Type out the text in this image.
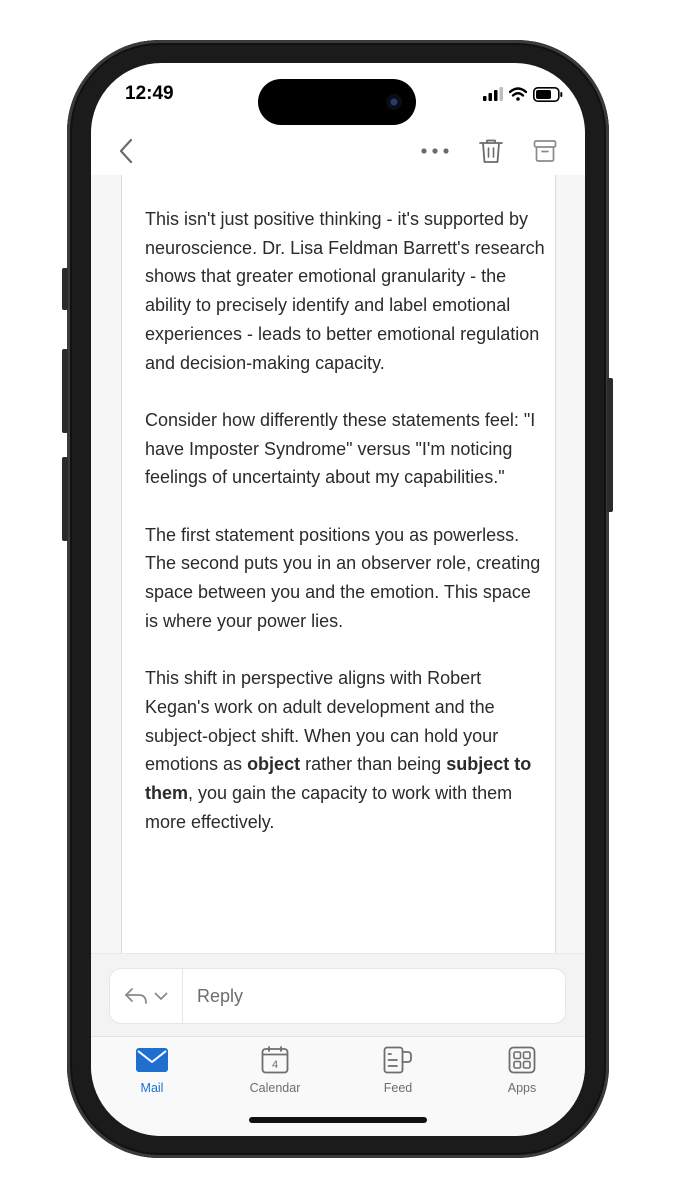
12:49

This isn't just positive thinking - it's supported by neuroscience. Dr. Lisa Feldman Barrett's research shows that greater emotional granularity - the ability to precisely identify and label emotional experiences - leads to better emotional regulation and decision-making capacity.

Consider how differently these statements feel: "I have Imposter Syndrome" versus "I'm noticing feelings of uncertainty about my capabilities."

The first statement positions you as powerless. The second puts you in an observer role, creating space between you and the emotion. This space is where your power lies.

This shift in perspective aligns with Robert Kegan's work on adult development and the subject-object shift. When you can hold your emotions as object rather than being subject to them, you gain the capacity to work with them more effectively.

Reply
Mail
4
Calendar	Feed	Apps
